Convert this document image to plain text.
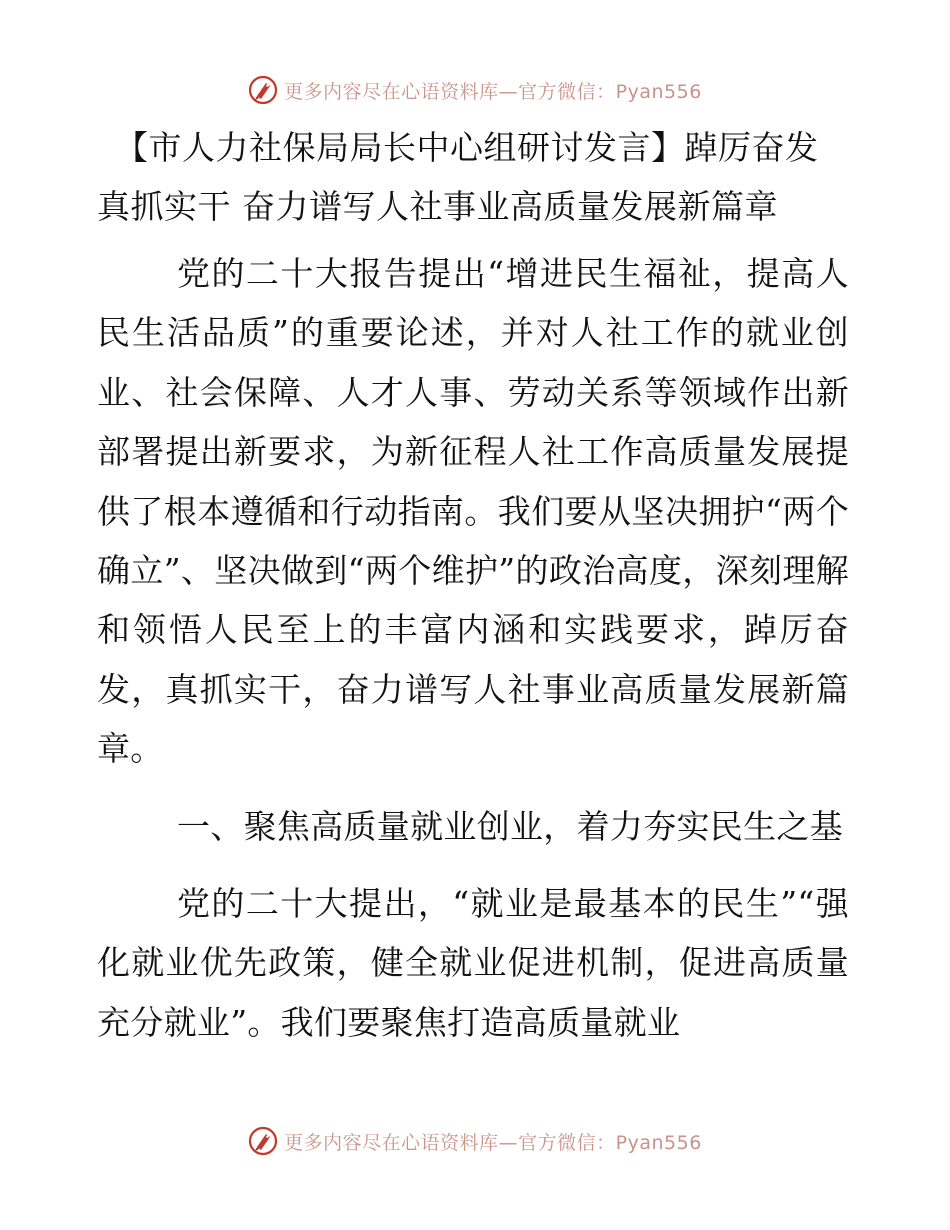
更多内容尽在心语资料库—官方微信：Pyan556
【市人力社保局局长中心组研讨发言】踔厉奋发
真抓实干 奋力谱写人社事业高质量发展新篇章

党的二十大报告提出“增进民生福祉，提高人民生活品质”的重要论述，并对人社工作的就业创业、社会保障、人才人事、劳动关系等领域作出新部署提出新要求，为新征程人社工作高质量发展提供了根本遵循和行动指南。我们要从坚决拥护“两个确立”、坚决做到“两个维护”的政治高度，深刻理解和领悟人民至上的丰富内涵和实践要求，踔厉奋发，真抓实干，奋力谱写人社事业高质量发展新篇章。

一、聚焦高质量就业创业，着力夯实民生之基

党的二十大提出，“就业是最基本的民生”“强化就业优先政策，健全就业促进机制，促进高质量充分就业”。我们要聚焦打造高质量就业

更多内容尽在心语资料库—官方微信：Pyan556
